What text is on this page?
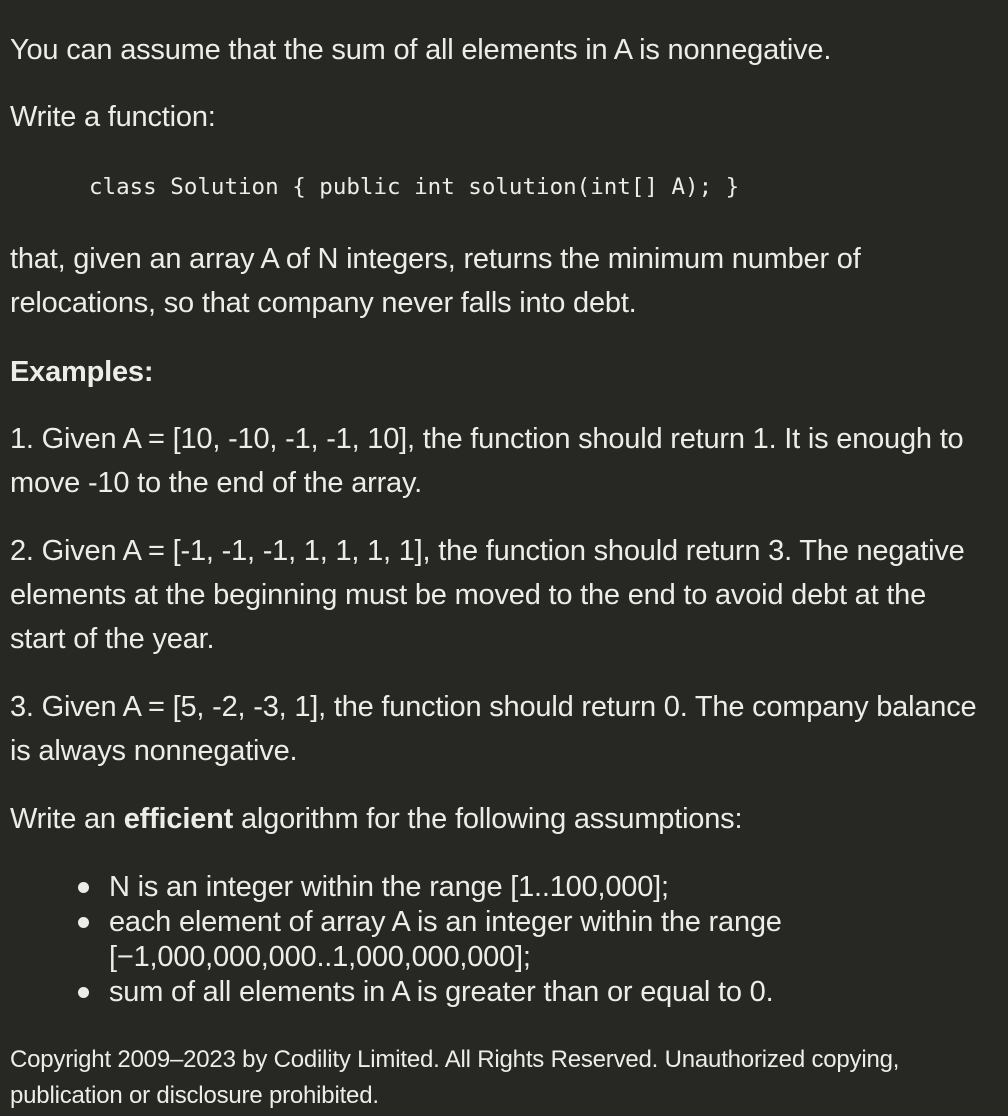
You can assume that the sum of all elements in A is nonnegative.

Write a function:

class Solution { public int solution(int[] A); }

that, given an array A of N integers, returns the minimum number of relocations, so that company never falls into debt.

Examples:

1. Given A = [10, -10, -1, -1, 10], the function should return 1. It is enough to move -10 to the end of the array.

2. Given A = [-1, -1, -1, 1, 1, 1, 1], the function should return 3. The negative elements at the beginning must be moved to the end to avoid debt at the start of the year.

3. Given A = [5, -2, -3, 1], the function should return 0. The company balance is always nonnegative.

Write an efficient algorithm for the following assumptions:

N is an integer within the range [1..100,000];
each element of array A is an integer within the range [−1,000,000,000..1,000,000,000];
sum of all elements in A is greater than or equal to 0.

Copyright 2009–2023 by Codility Limited. All Rights Reserved. Unauthorized copying, publication or disclosure prohibited.
